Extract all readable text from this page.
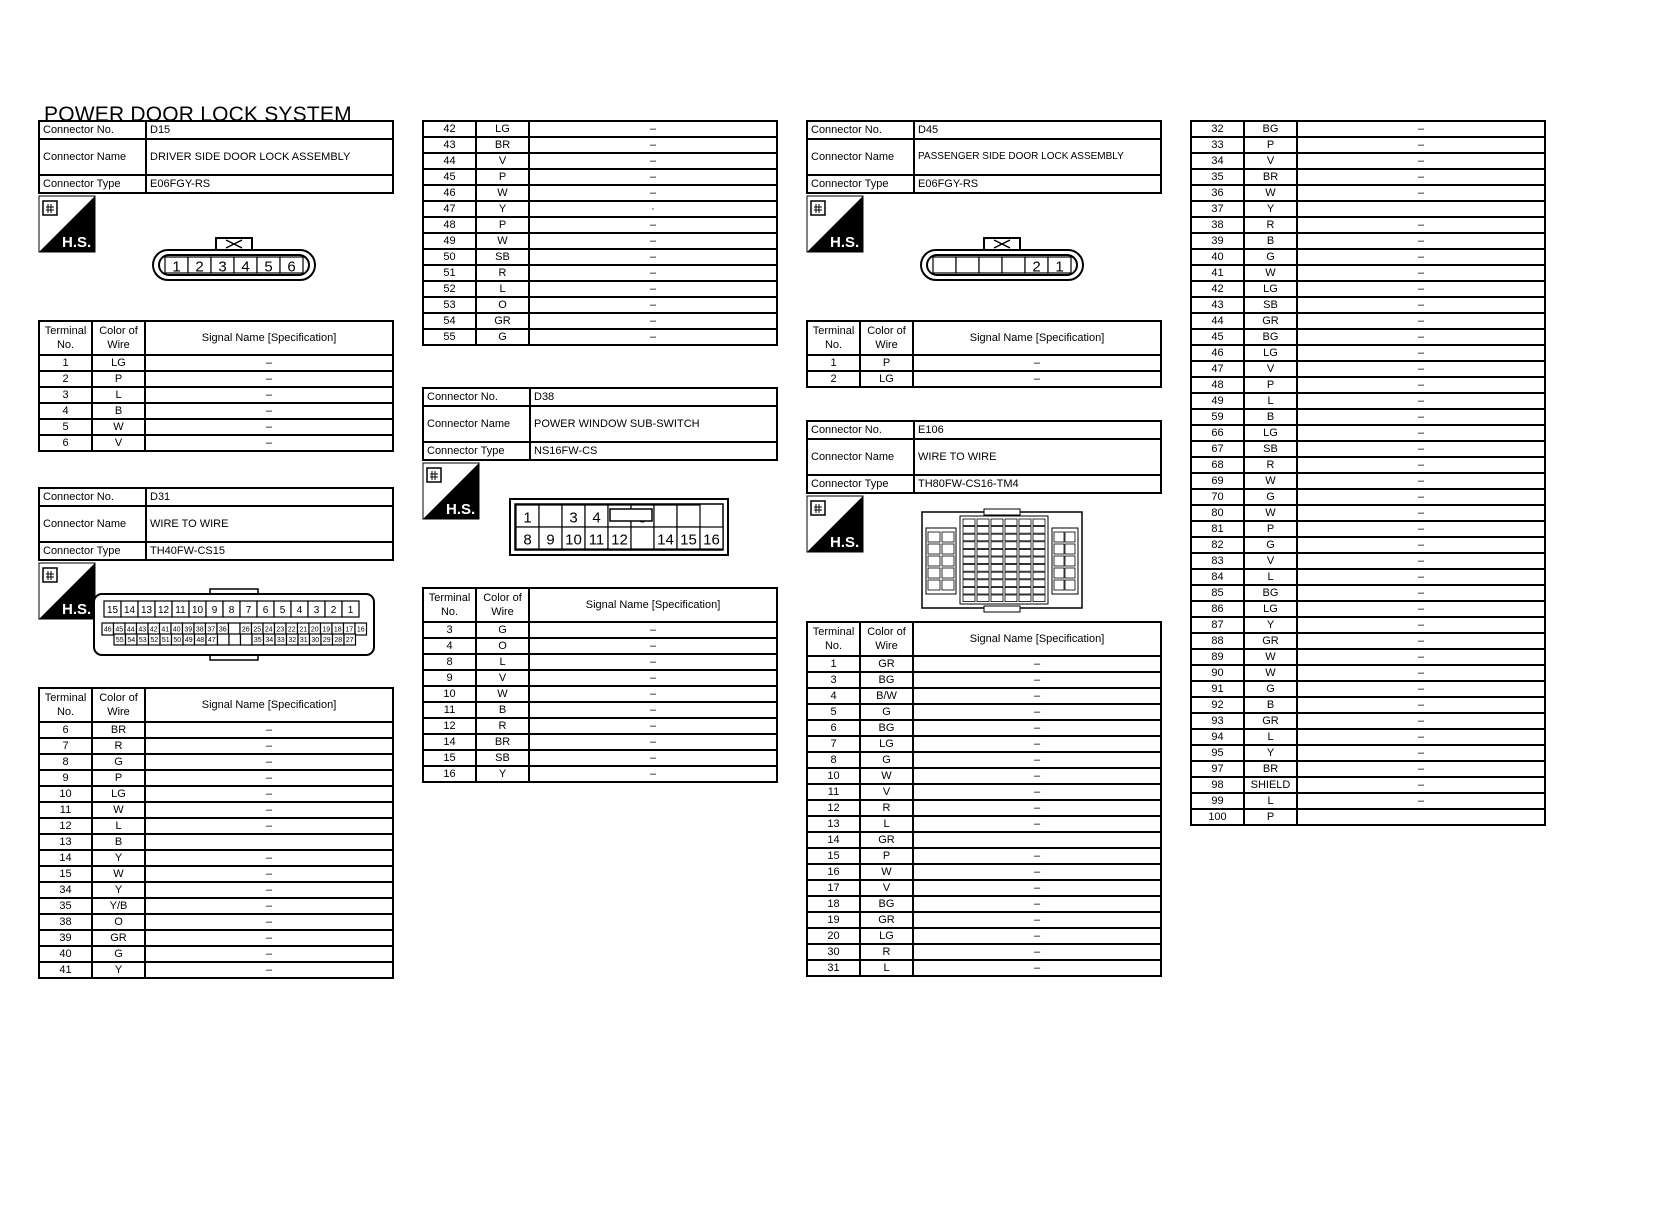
POWER DOOR LOCK SYSTEM
Connector No.	D15
Connector Name	DRIVER SIDE DOOR LOCK ASSEMBLY
Connector Type	E06FGY-RS
H.S.
1 2 3 4 5 6
Terminal No.	Color of Wire	Signal Name [Specification]
1	LG	–
2	P	–
3	L	–
4	B	–
5	W	–
6	V	–
Connector No.	D31
Connector Name	WIRE TO WIRE
Connector Type	TH40FW-CS15
H.S. 15 14 13 12 11 10 9 8 7 6 5 4 3 2 1
46 45 44 43 42 41 40 39 38 37 36 26 25 24 23 22 21 20 19 18 17 16
55 54 53 52 51 50 49 48 47	35 34 33 32 31 30 29 28 27
Terminal No.	Color of Wire	Signal Name [Specification]
6	BR	–
7	R	–
8	G	–
9	P	–
10	LG	–
11	W	–
12	L	–
13	B	
14	Y	–
15	W	–
34	Y	–
35	Y/B	–
38	O	–
39	GR	–
40	G	–
41	Y	–
42	LG	–
43	BR	–
44	V	–
45	P	–
46	W	–
47	Y	·
48	P	–
49	W	–
50	SB	–
51	R	–
52	L	–
53	O	–
54	GR	–
55	G	–
Connector No.	D38
Connector Name	POWER WINDOW SUB-SWITCH
Connector Type	NS16FW-CS
H.S.	1	3 4
8 9 10 11 12 14 15 16
Terminal No.	Color of Wire	Signal Name [Specification]
3	G	–
4	O	–
8	L	–
9	V	–
10	W	–
11	B	–
12	R	–
14	BR	–
15	SB	–
16	Y	–
Connector No.	D45
Connector Name	PASSENGER SIDE DOOR LOCK ASSEMBLY
Connector Type	E06FGY-RS
H.S.
2 1
Terminal No.	Color of Wire	Signal Name [Specification]
1	P	–
2	LG	–
Connector No.	E106
Connector Name	WIRE TO WIRE
Connector Type	TH80FW-CS16-TM4
H.S.
Terminal No.	Color of Wire	Signal Name [Specification]
1	GR	–
3	BG	–
4	B/W	–
5	G	–
6	BG	–
7	LG	–
8	G	–
10	W	–
11	V	–
12	R	–
13	L	–
14	GR	
15	P	–
16	W	–
17	V	–
18	BG	–
19	GR	–
20	LG	–
30	R	–
31	L	–
32	BG	–
33	P	–
34	V	–
35	BR	–
36	W	–
37	Y	
38	R	–
39	B	–
40	G	–
41	W	–
42	LG	–
43	SB	–
44	GR	–
45	BG	–
46	LG	–
47	V	–
48	P	–
49	L	–
59	B	–
66	LG	–
67	SB	–
68	R	–
69	W	–
70	G	–
80	W	–
81	P	–
82	G	–
83	V	–
84	L	–
85	BG	–
86	LG	–
87	Y	–
88	GR	–
89	W	–
90	W	–
91	G	–
92	B	–
93	GR	–
94	L	–
95	Y	–
97	BR	–
98	SHIELD	–
99	L	–
100	P	
